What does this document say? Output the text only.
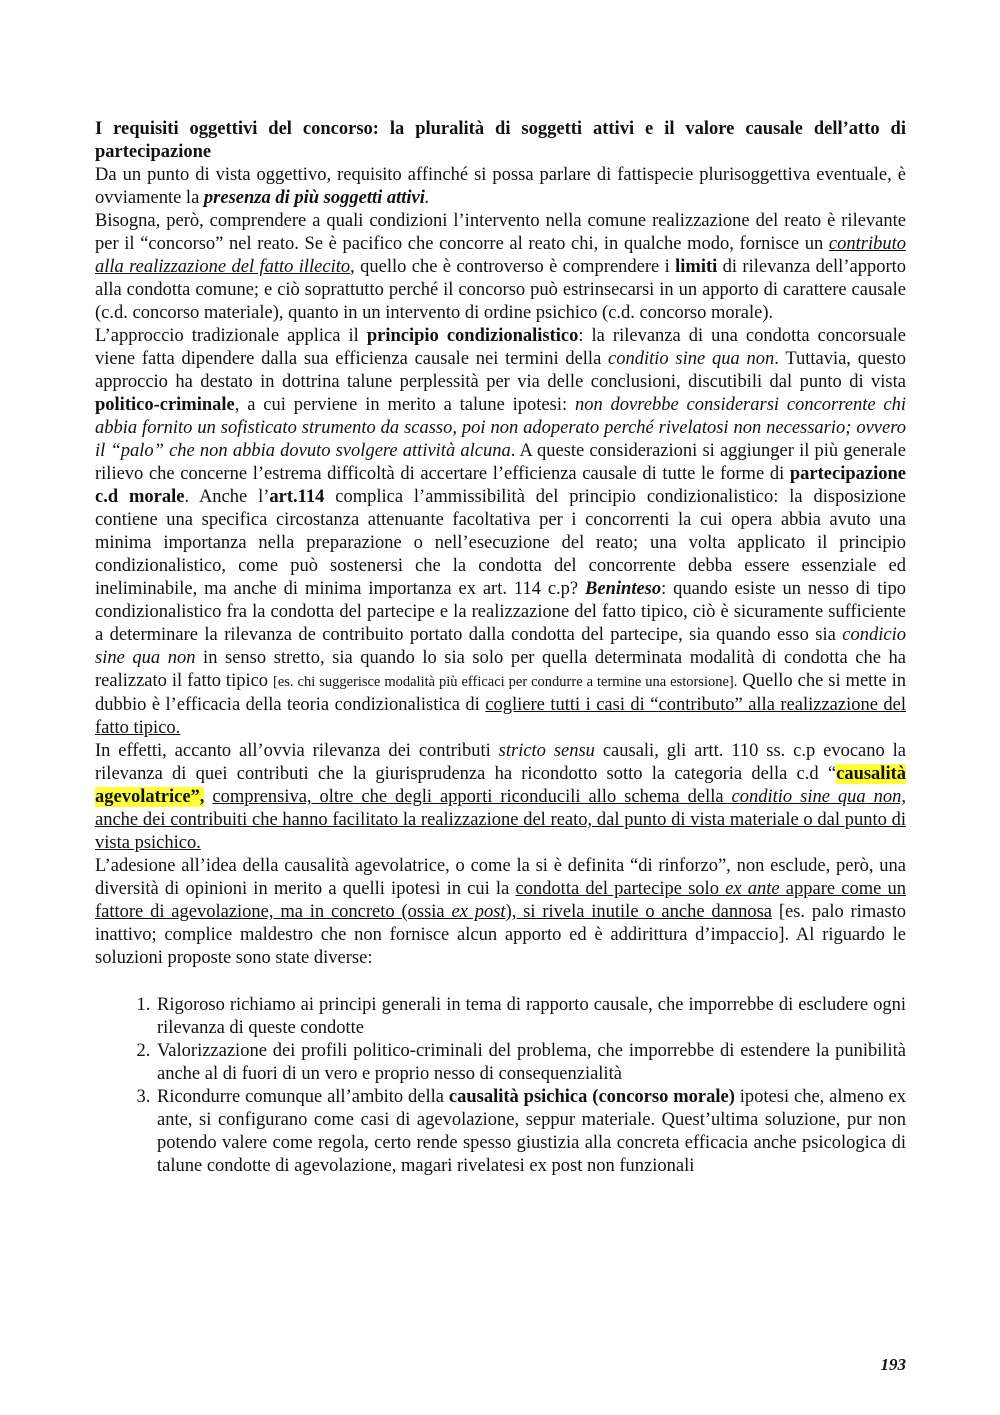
I requisiti oggettivi del concorso: la pluralità di soggetti attivi e il valore causale dell’atto di partecipazione

Da un punto di vista oggettivo, requisito affinché si possa parlare di fattispecie plurisoggettiva eventuale, è ovviamente la presenza di più soggetti attivi.

Bisogna, però, comprendere a quali condizioni l’intervento nella comune realizzazione del reato è rilevante per il “concorso” nel reato. Se è pacifico che concorre al reato chi, in qualche modo, fornisce un contributo alla realizzazione del fatto illecito, quello che è controverso è comprendere i limiti di rilevanza dell’apporto alla condotta comune; e ciò soprattutto perché il concorso può estrinsecarsi in un apporto di carattere causale (c.d. concorso materiale), quanto in un intervento di ordine psichico (c.d. concorso morale).

L’approccio tradizionale applica il principio condizionalistico: la rilevanza di una condotta concorsuale viene fatta dipendere dalla sua efficienza causale nei termini della conditio sine qua non. Tuttavia, questo approccio ha destato in dottrina talune perplessità per via delle conclusioni, discutibili dal punto di vista politico-criminale, a cui perviene in merito a talune ipotesi: non dovrebbe considerarsi concorrente chi abbia fornito un sofisticato strumento da scasso, poi non adoperato perché rivelatosi non necessario; ovvero il “palo” che non abbia dovuto svolgere attività alcuna. A queste considerazioni si aggiunger il più generale rilievo che concerne l’estrema difficoltà di accertare l’efficienza causale di tutte le forme di partecipazione c.d morale. Anche l’art.114 complica l’ammissibilità del principio condizionalistico: la disposizione contiene una specifica circostanza attenuante facoltativa per i concorrenti la cui opera abbia avuto una minima importanza nella preparazione o nell’esecuzione del reato; una volta applicato il principio condizionalistico, come può sostenersi che la condotta del concorrente debba essere essenziale ed ineliminabile, ma anche di minima importanza ex art. 114 c.p? Beninteso: quando esiste un nesso di tipo condizionalistico fra la condotta del partecipe e la realizzazione del fatto tipico, ciò è sicuramente sufficiente a determinare la rilevanza de contribuito portato dalla condotta del partecipe, sia quando esso sia condicio sine qua non in senso stretto, sia quando lo sia solo per quella determinata modalità di condotta che ha realizzato il fatto tipico [es. chi suggerisce modalità più efficaci per condurre a termine una estorsione]. Quello che si mette in dubbio è l’efficacia della teoria condizionalistica di cogliere tutti i casi di “contributo” alla realizzazione del fatto tipico.

In effetti, accanto all’ovvia rilevanza dei contributi stricto sensu causali, gli artt. 110 ss. c.p evocano la rilevanza di quei contributi che la giurisprudenza ha ricondotto sotto la categoria della c.d “causalità agevolatrice”, comprensiva, oltre che degli apporti riconducili allo schema della conditio sine qua non, anche dei contribuiti che hanno facilitato la realizzazione del reato, dal punto di vista materiale o dal punto di vista psichico.

L’adesione all’idea della causalità agevolatrice, o come la si è definita “di rinforzo”, non esclude, però, una diversità di opinioni in merito a quelli ipotesi in cui la condotta del partecipe solo ex ante appare come un fattore di agevolazione, ma in concreto (ossia ex post), si rivela inutile o anche dannosa [es. palo rimasto inattivo; complice maldestro che non fornisce alcun apporto ed è addirittura d’impaccio]. Al riguardo le soluzioni proposte sono state diverse:

1. Rigoroso richiamo ai principi generali in tema di rapporto causale, che imporrebbe di escludere ogni rilevanza di queste condotte
2. Valorizzazione dei profili politico-criminali del problema, che imporrebbe di estendere la punibilità anche al di fuori di un vero e proprio nesso di consequenzialità
3. Ricondurre comunque all’ambito della causalità psichica (concorso morale) ipotesi che, almeno ex ante, si configurano come casi di agevolazione, seppur materiale. Quest’ultima soluzione, pur non potendo valere come regola, certo rende spesso giustizia alla concreta efficacia anche psicologica di talune condotte di agevolazione, magari rivelatesi ex post non funzionali
193
